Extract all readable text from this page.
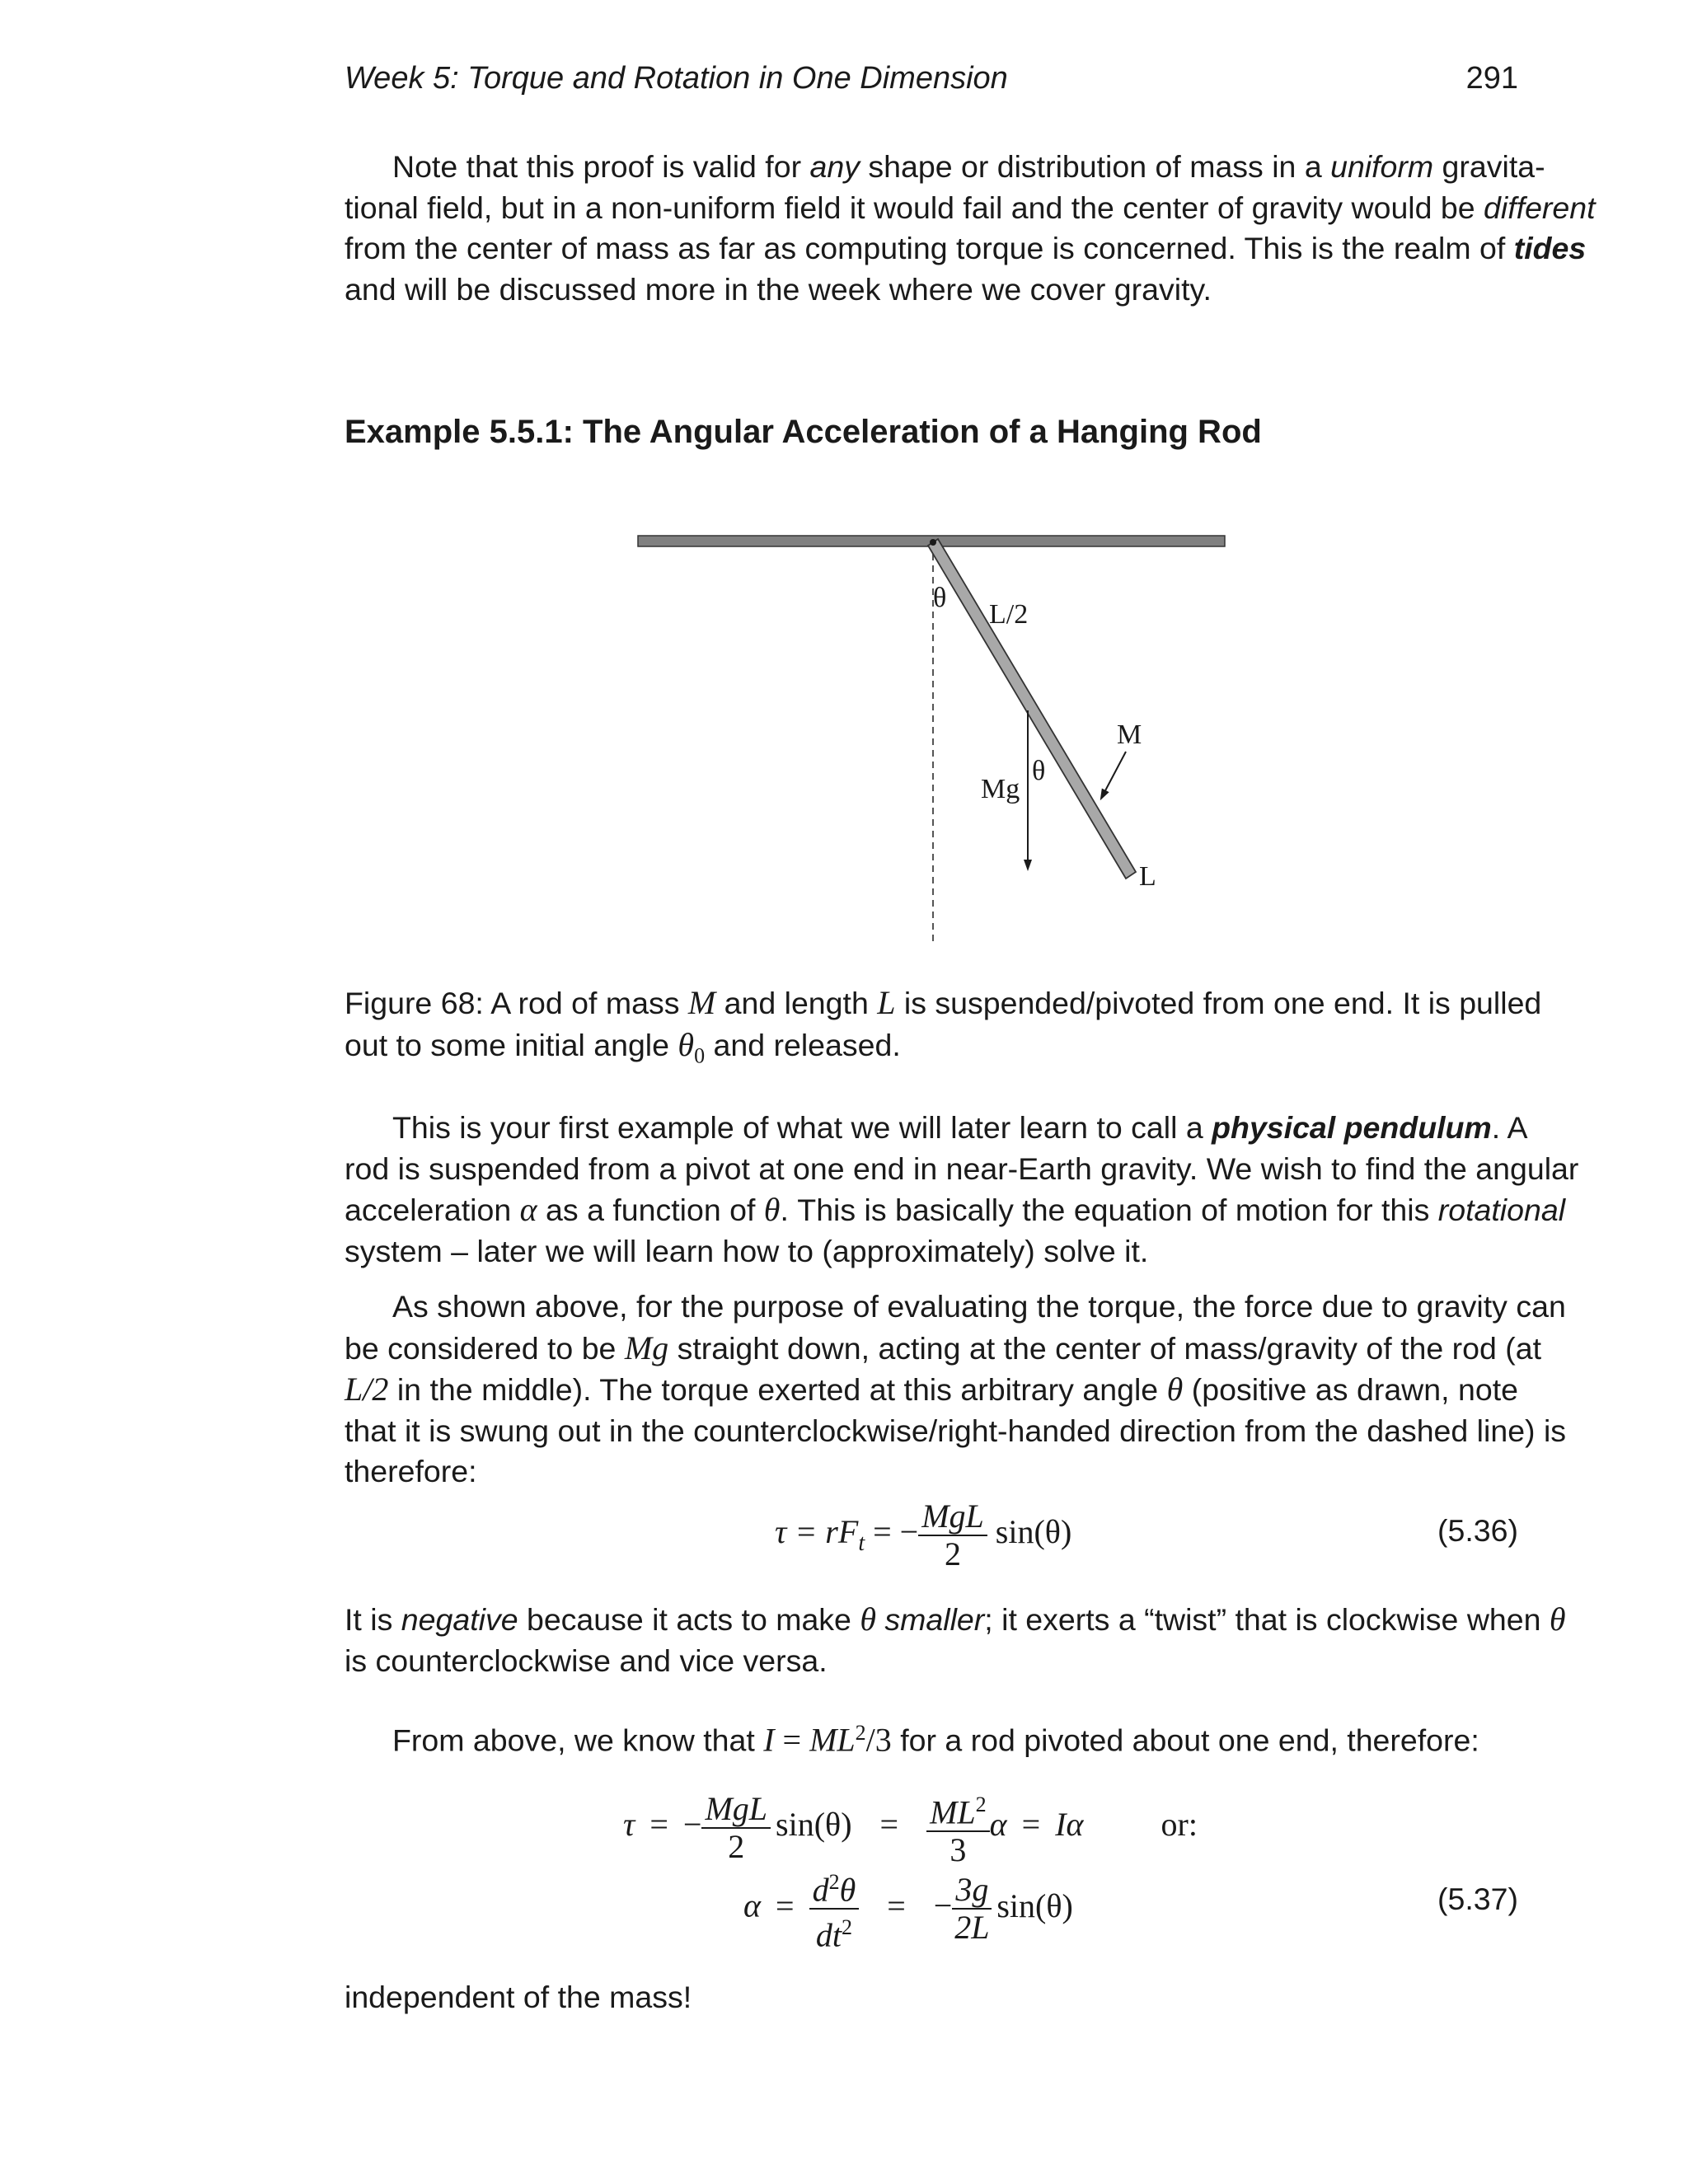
Week 5: Torque and Rotation in One Dimension	291
Note that this proof is valid for any shape or distribution of mass in a uniform gravita-
tional field, but in a non-uniform field it would fail and the center of gravity would be different
from the center of mass as far as computing torque is concerned. This is the realm of tides
and will be discussed more in the week where we cover gravity.
Example 5.5.1: The Angular Acceleration of a Hanging Rod
θ
L/2
M
Mg
θ
L
Figure 68: A rod of mass M and length L is suspended/pivoted from one end. It is pulled
out to some initial angle $\theta_0$ and released.
This is your first example of what we will later learn to call a physical pendulum. A
rod is suspended from a pivot at one end in near-Earth gravity. We wish to find the angular
acceleration α as a function of θ. This is basically the equation of motion for this rotational
system – later we will learn how to (approximately) solve it.
As shown above, for the purpose of evaluating the torque, the force due to gravity can
be considered to be Mg straight down, acting at the center of mass/gravity of the rod (at
L/2 in the middle). The torque exerted at this arbitrary angle θ (positive as drawn, note
that it is swung out in the counterclockwise/right-handed direction from the dashed line) is
therefore:
$\tau = rF_t$ = − $\frac{\text{MgL}}{2} \sin(\theta)$	(5.36)
It is negative because it acts to make θ smaller; it exerts a “twist” that is clockwise when θ
is counterclockwise and vice versa.
From above, we know that $I = ML^2/3$ for a rod pivoted about one end, therefore:
τ = − $\frac{\text{MgL}}{2} \sin(\theta) = \frac{ML^2}{3}$ α = Iα or:
$\alpha = \frac{d^2\theta}{dt^2}$ = − $\frac{3g}{2L} \sin(\theta)$	(5.37)
independent of the mass!
